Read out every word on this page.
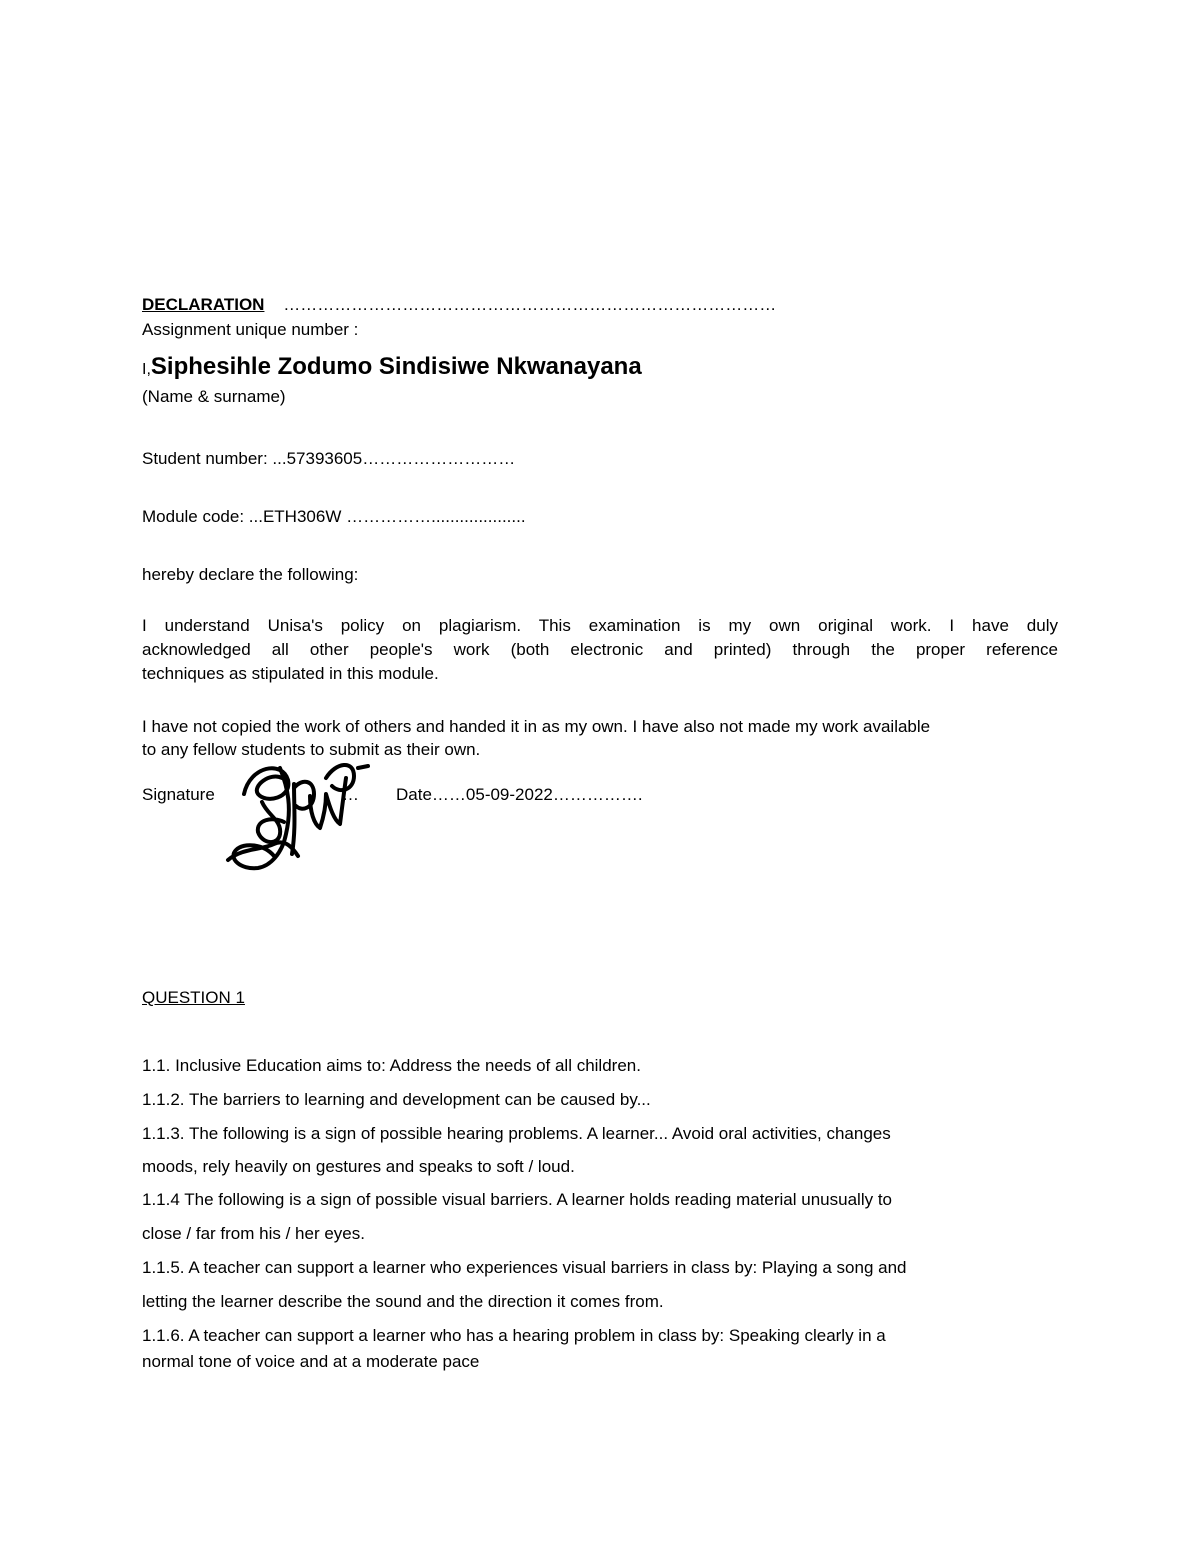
DECLARATION ……………………………………………………………………………
Assignment unique number :
I,Siphesihle Zodumo Sindisiwe Nkwanayana
(Name & surname)
Student number: ...57393605………………………
Module code: ...ETH306W ……………....................
hereby declare the following:
I understand Unisa's policy on plagiarism. This examination is my own original work. I have duly
acknowledged all other people's work (both electronic and printed) through the proper reference
techniques as stipulated in this module.
I have not copied the work of others and handed it in as my own. I have also not made my work available
to any fellow students to submit as their own.
Signature	… Date……05-09-2022…………….
QUESTION 1
1.1. Inclusive Education aims to: Address the needs of all children.
1.1.2. The barriers to learning and development can be caused by...
1.1.3. The following is a sign of possible hearing problems. A learner... Avoid oral activities, changes
moods, rely heavily on gestures and speaks to soft / loud.
1.1.4 The following is a sign of possible visual barriers. A learner holds reading material unusually to
close / far from his / her eyes.
1.1.5. A teacher can support a learner who experiences visual barriers in class by: Playing a song and
letting the learner describe the sound and the direction it comes from.
1.1.6. A teacher can support a learner who has a hearing problem in class by: Speaking clearly in a
normal tone of voice and at a moderate pace
